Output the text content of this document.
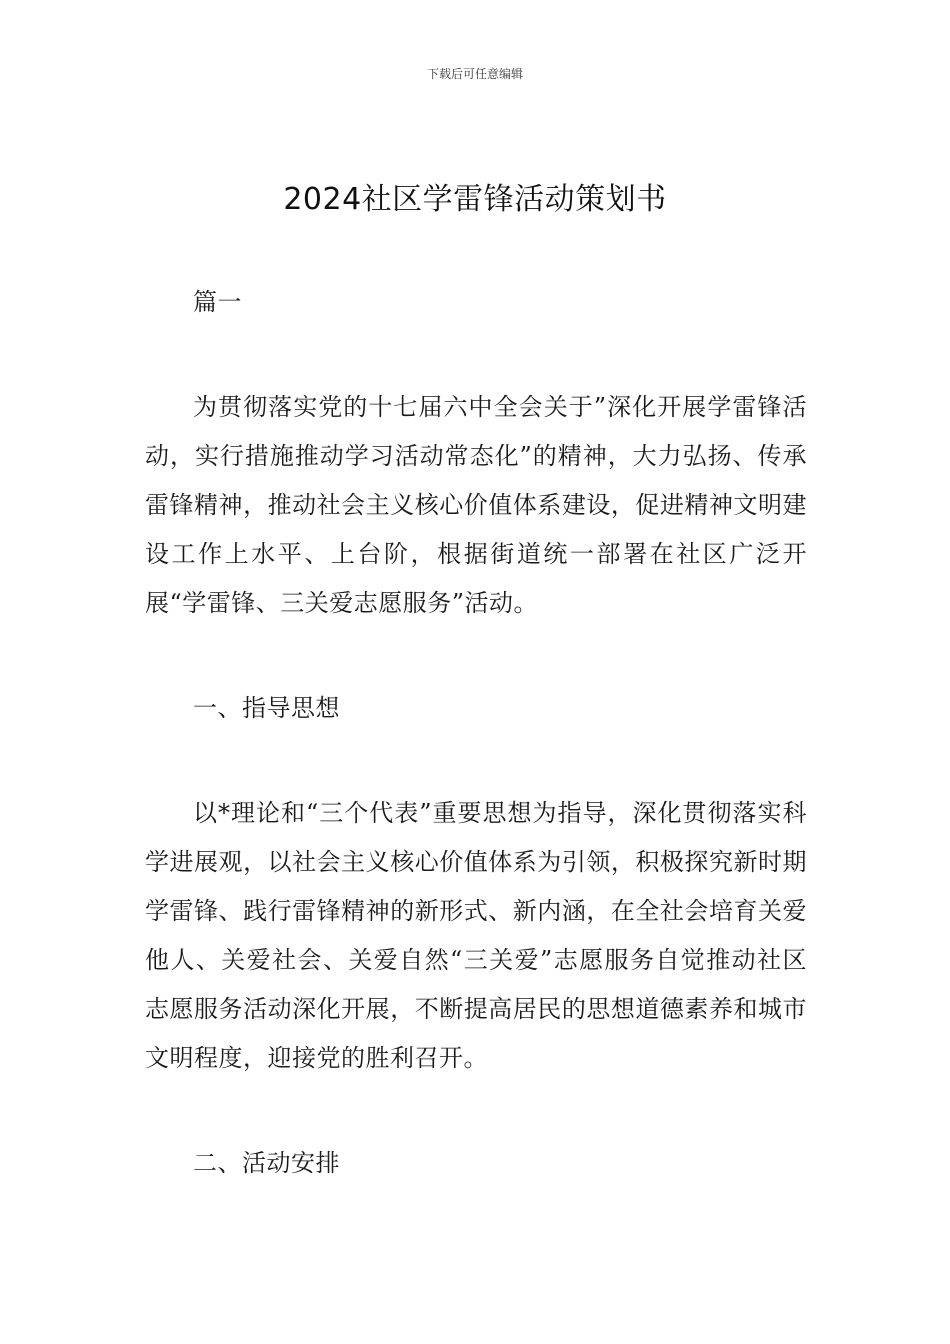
下载后可任意编辑
2024社区学雷锋活动策划书

篇一

为贯彻落实党的十七届六中全会关于”深化开展学雷锋活动，实行措施推动学习活动常态化”的精神，大力弘扬、传承雷锋精神，推动社会主义核心价值体系建设，促进精神文明建设工作上水平、上台阶，根据街道统一部署在社区广泛开展“学雷锋、三关爱志愿服务”活动。

一、指导思想

以*理论和“三个代表”重要思想为指导，深化贯彻落实科学进展观，以社会主义核心价值体系为引领，积极探究新时期学雷锋、践行雷锋精神的新形式、新内涵，在全社会培育关爱他人、关爱社会、关爱自然“三关爱”志愿服务自觉推动社区志愿服务活动深化开展，不断提高居民的思想道德素养和城市文明程度，迎接党的胜利召开。

二、活动安排
